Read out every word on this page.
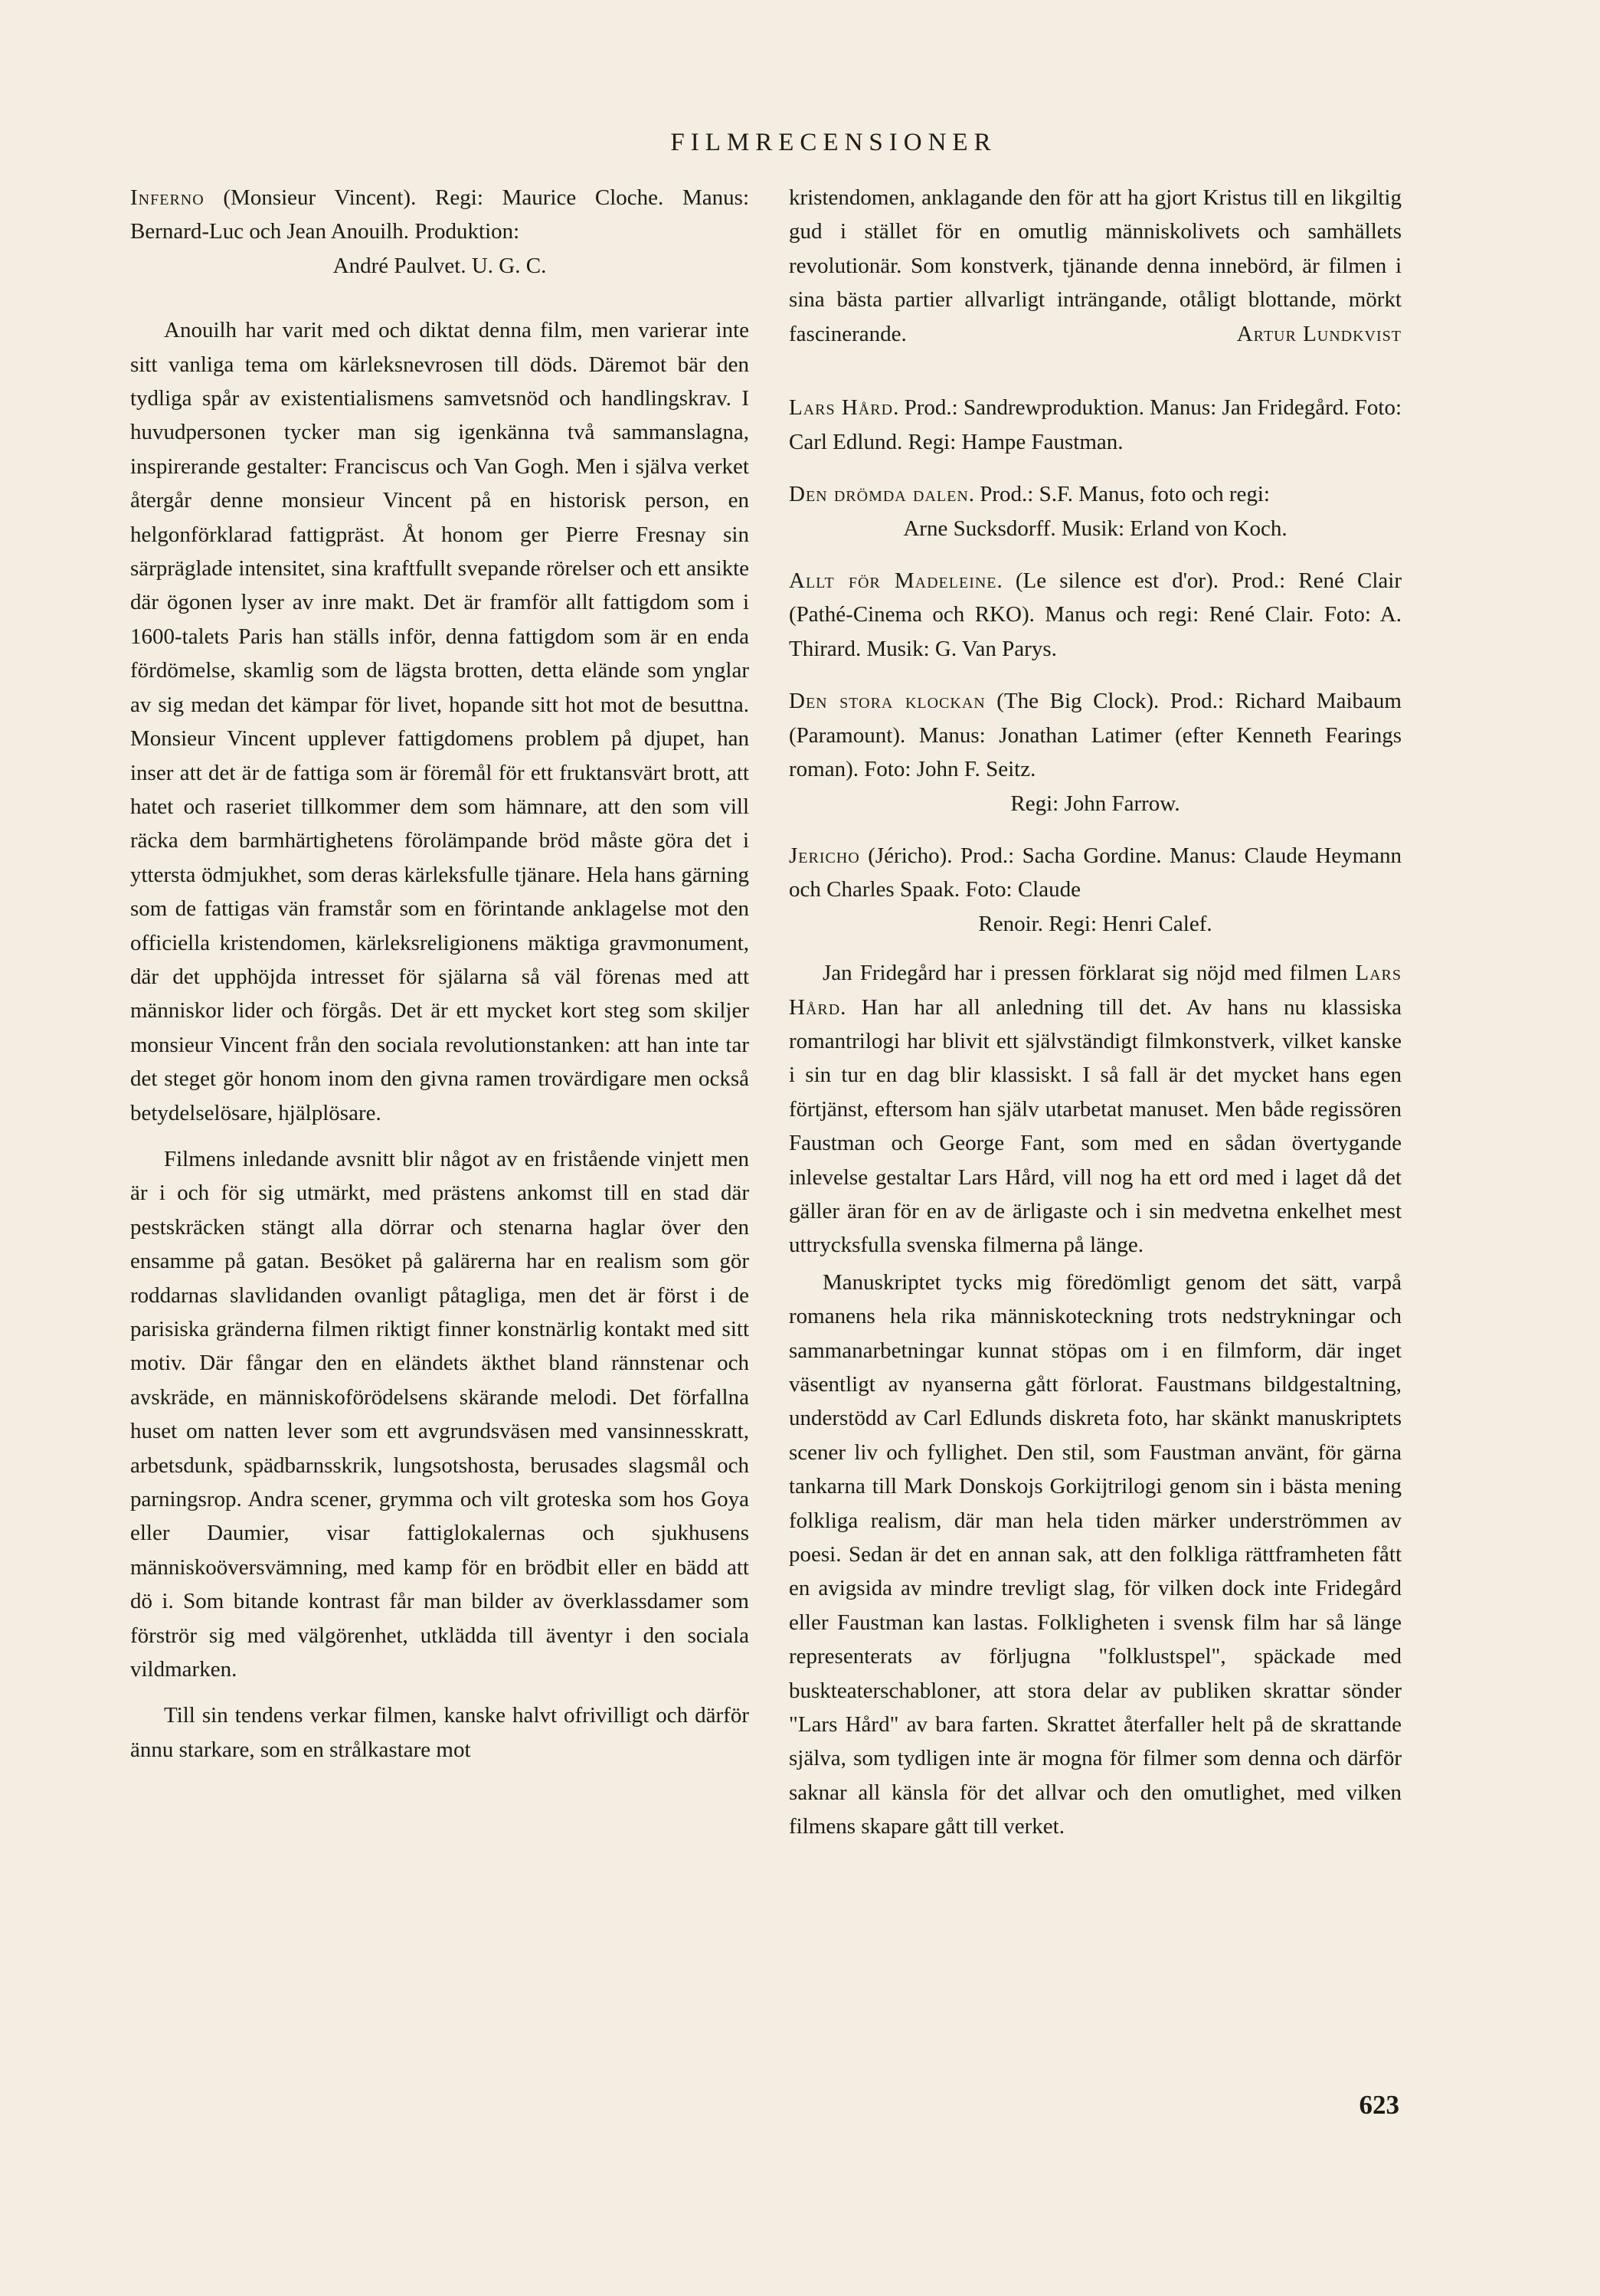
FILMRECENSIONER
Inferno (Monsieur Vincent). Regi: Maurice Cloche. Manus: Bernard-Luc och Jean Anouilh. Produktion:
André Paulvet. U. G. C.

Anouilh har varit med och diktat denna film, men varierar inte sitt vanliga tema om kärleksnevrosen till döds. Däremot bär den tydliga spår av existentialismens samvetsnöd och handlingskrav. I huvudpersonen tycker man sig igenkänna två sammanslagna, inspirerande gestalter: Franciscus och Van Gogh. Men i själva verket återgår denne monsieur Vincent på en historisk person, en helgonförklarad fattigpräst. Åt honom ger Pierre Fresnay sin särpräglade intensitet, sina kraftfullt svepande rörelser och ett ansikte där ögonen lyser av inre makt. Det är framför allt fattigdom som i 1600-talets Paris han ställs inför, denna fattigdom som är en enda fördömelse, skamlig som de lägsta brotten, detta elände som ynglar av sig medan det kämpar för livet, hopande sitt hot mot de besuttna. Monsieur Vincent upplever fattigdomens problem på djupet, han inser att det är de fattiga som är föremål för ett fruktansvärt brott, att hatet och raseriet tillkommer dem som hämnare, att den som vill räcka dem barmhärtighetens förolämpande bröd måste göra det i yttersta ödmjukhet, som deras kärleksfulle tjänare. Hela hans gärning som de fattigas vän framstår som en förintande anklagelse mot den officiella kristendomen, kärleksreligionens mäktiga gravmonument, där det upphöjda intresset för själarna så väl förenas med att människor lider och förgås. Det är ett mycket kort steg som skiljer monsieur Vincent från den sociala revolutionstanken: att han inte tar det steget gör honom inom den givna ramen trovärdigare men också betydelselösare, hjälplösare.

Filmens inledande avsnitt blir något av en fristående vinjett men är i och för sig utmärkt, med prästens ankomst till en stad där pestskräcken stängt alla dörrar och stenarna haglar över den ensamme på gatan. Besöket på galärerna har en realism som gör roddarnas slavlidanden ovanligt påtagliga, men det är först i de parisiska gränderna filmen riktigt finner konstnärlig kontakt med sitt motiv. Där fångar den en eländets äkthet bland rännstenar och avskräde, en människoförödelsens skärande melodi. Det förfallna huset om natten lever som ett avgrundsväsen med vansinnesskratt, arbetsdunk, spädbarnsskrik, lungsotshosta, berusades slagsmål och parningsrop. Andra scener, grymma och vilt groteska som hos Goya eller Daumier, visar fattiglokalernas och sjukhusens människoöversvämning, med kamp för en brödbit eller en bädd att dö i. Som bitande kontrast får man bilder av överklassdamer som förströr sig med välgörenhet, utklädda till äventyr i den sociala vildmarken.

Till sin tendens verkar filmen, kanske halvt ofrivilligt och därför ännu starkare, som en strålkastare mot

kristendomen, anklagande den för att ha gjort Kristus till en likgiltig gud i stället för en omutlig människolivets och samhällets revolutionär. Som konstverk, tjänande denna innebörd, är filmen i sina bästa partier allvarligt inträngande, otåligt blottande, mörkt fascinerande.	Artur Lundkvist

Lars Hård. Prod.: Sandrewproduktion. Manus: Jan Fridegård. Foto: Carl Edlund. Regi: Hampe Faustman.

Den drömda dalen. Prod.: S.F. Manus, foto och regi:

Arne Sucksdorff. Musik: Erland von Koch.

Allt för Madeleine. (Le silence est d'or). Prod.: René Clair (Pathé-Cinema och RKO). Manus och regi: René Clair. Foto: A. Thirard. Musik: G. Van Parys.

Den stora klockan (The Big Clock). Prod.: Richard Maibaum (Paramount). Manus: Jonathan Latimer (efter Kenneth Fearings roman). Foto: John F. Seitz.

Regi: John Farrow.

Jericho (Jéricho). Prod.: Sacha Gordine. Manus: Claude Heymann och Charles Spaak. Foto: Claude

Renoir. Regi: Henri Calef.

Jan Fridegård har i pressen förklarat sig nöjd med filmen Lars Hård. Han har all anledning till det. Av hans nu klassiska romantrilogi har blivit ett självständigt filmkonstverk, vilket kanske i sin tur en dag blir klassiskt. I så fall är det mycket hans egen förtjänst, eftersom han själv utarbetat manuset. Men både regissören Faustman och George Fant, som med en sådan övertygande inlevelse gestaltar Lars Hård, vill nog ha ett ord med i laget då det gäller äran för en av de ärligaste och i sin medvetna enkelhet mest uttrycksfulla svenska filmerna på länge.

Manuskriptet tycks mig föredömligt genom det sätt, varpå romanens hela rika människoteckning trots nedstrykningar och sammanarbetningar kunnat stöpas om i en filmform, där inget väsentligt av nyanserna gått förlorat. Faustmans bildgestaltning, understödd av Carl Edlunds diskreta foto, har skänkt manuskriptets scener liv och fyllighet. Den stil, som Faustman använt, för gärna tankarna till Mark Donskojs Gorkijtrilogi genom sin i bästa mening folkliga realism, där man hela tiden märker underströmmen av poesi. Sedan är det en annan sak, att den folkliga rättframheten fått en avigsida av mindre trevligt slag, för vilken dock inte Fridegård eller Faustman kan lastas. Folkligheten i svensk film har så länge representerats av förljugna "folklustspel", späckade med buskteaterschabloner, att stora delar av publiken skrattar sönder "Lars Hård" av bara farten. Skrattet återfaller helt på de skrattande själva, som tydligen inte är mogna för filmer som denna och därför saknar all känsla för det allvar och den omutlighet, med vilken filmens skapare gått till verket.

623
